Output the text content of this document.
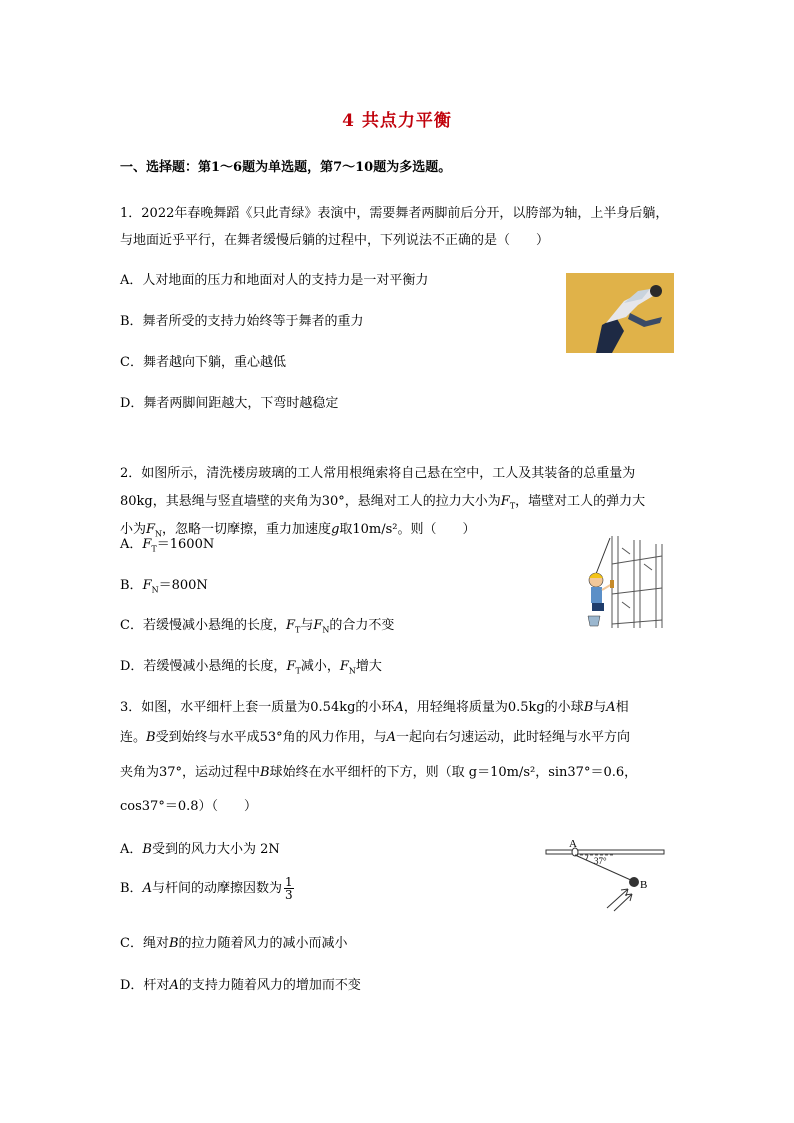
4 共点力平衡
一、选择题：第1～6题为单选题，第7～10题为多选题。
1．2022年春晚舞蹈《只此青绿》表演中，需要舞者两脚前后分开，以胯部为轴，上半身后躺，
与地面近乎平行，在舞者缓慢后躺的过程中，下列说法不正确的是（　　）
A．人对地面的压力和地面对人的支持力是一对平衡力
B．舞者所受的支持力始终等于舞者的重力
C．舞者越向下躺，重心越低
D．舞者两脚间距越大，下弯时越稳定
2．如图所示，清洗楼房玻璃的工人常用根绳索将自己悬在空中，工人及其装备的总重量为
80kg，其悬绳与竖直墙壁的夹角为30°，悬绳对工人的拉力大小为$F_T$，墙壁对工人的弹力大
小为$F_N$，忽略一切摩擦，重力加速度g取10m/s²。则（　　）
A．$F_T=1600N$
B．$F_N=800N$
C．若缓慢减小悬绳的长度，$F_T$与$F_N$的合力不变
D．若缓慢减小悬绳的长度，$F_T$减小，$F_N$增大
3．如图，水平细杆上套一质量为0.54kg的小环A，用轻绳将质量为0.5kg的小球B与A相
连。B受到始终与水平成53°角的风力作用，与A一起向右匀速运动，此时轻绳与水平方向
夹角为37°，运动过程中B球始终在水平细杆的下方，则（取 g＝10m/s²，sin37°＝0.6，
cos37°＝0.8）（　　）
A．B受到的风力大小为 2N
B．A与杆间的动摩擦因数为 $\frac{1}{3}$
C．绳对B的拉力随着风力的减小而减小
D．杆对A的支持力随着风力的增加而不变
A
B
37°
